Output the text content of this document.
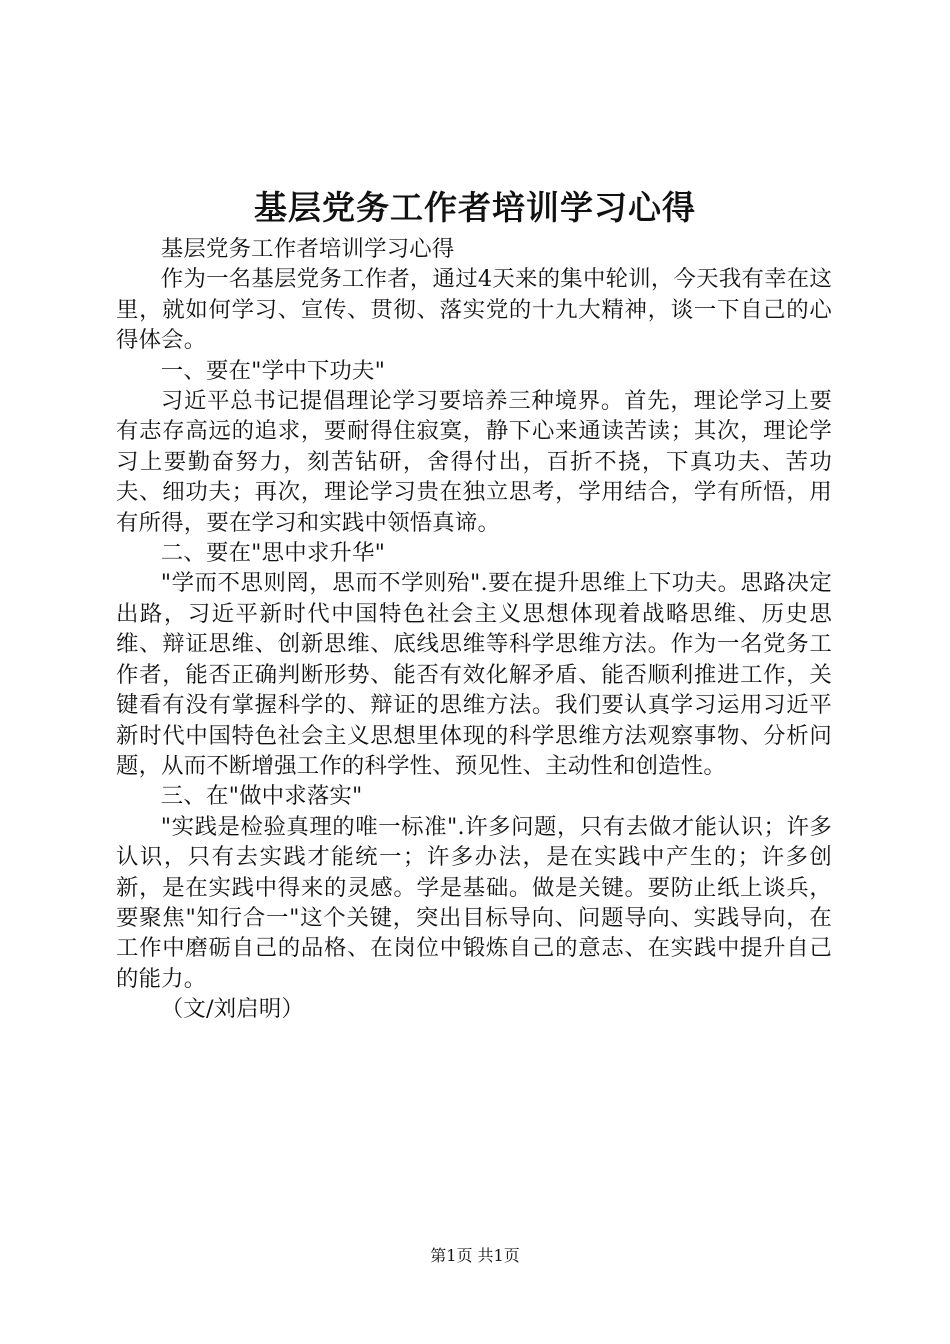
基层党务工作者培训学习心得

基层党务工作者培训学习心得

作为一名基层党务工作者，通过4天来的集中轮训，今天我有幸在这里，就如何学习、宣传、贯彻、落实党的十九大精神，谈一下自己的心得体会。

一、要在"学中下功夫"

习近平总书记提倡理论学习要培养三种境界。首先，理论学习上要有志存高远的追求，要耐得住寂寞，静下心来通读苦读；其次，理论学习上要勤奋努力，刻苦钻研，舍得付出，百折不挠，下真功夫、苦功夫、细功夫；再次，理论学习贵在独立思考，学用结合，学有所悟，用有所得，要在学习和实践中领悟真谛。

二、要在"思中求升华"

"学而不思则罔，思而不学则殆".要在提升思维上下功夫。思路决定出路，习近平新时代中国特色社会主义思想体现着战略思维、历史思维、辩证思维、创新思维、底线思维等科学思维方法。作为一名党务工作者，能否正确判断形势、能否有效化解矛盾、能否顺利推进工作，关键看有没有掌握科学的、辩证的思维方法。我们要认真学习运用习近平新时代中国特色社会主义思想里体现的科学思维方法观察事物、分析问题，从而不断增强工作的科学性、预见性、主动性和创造性。

三、在"做中求落实"

"实践是检验真理的唯一标准".许多问题，只有去做才能认识；许多认识，只有去实践才能统一；许多办法，是在实践中产生的；许多创新，是在实践中得来的灵感。学是基础。做是关键。要防止纸上谈兵，要聚焦"知行合一"这个关键，突出目标导向、问题导向、实践导向，在工作中磨砺自己的品格、在岗位中锻炼自己的意志、在实践中提升自己的能力。

（文/刘启明）

第1页 共1页
